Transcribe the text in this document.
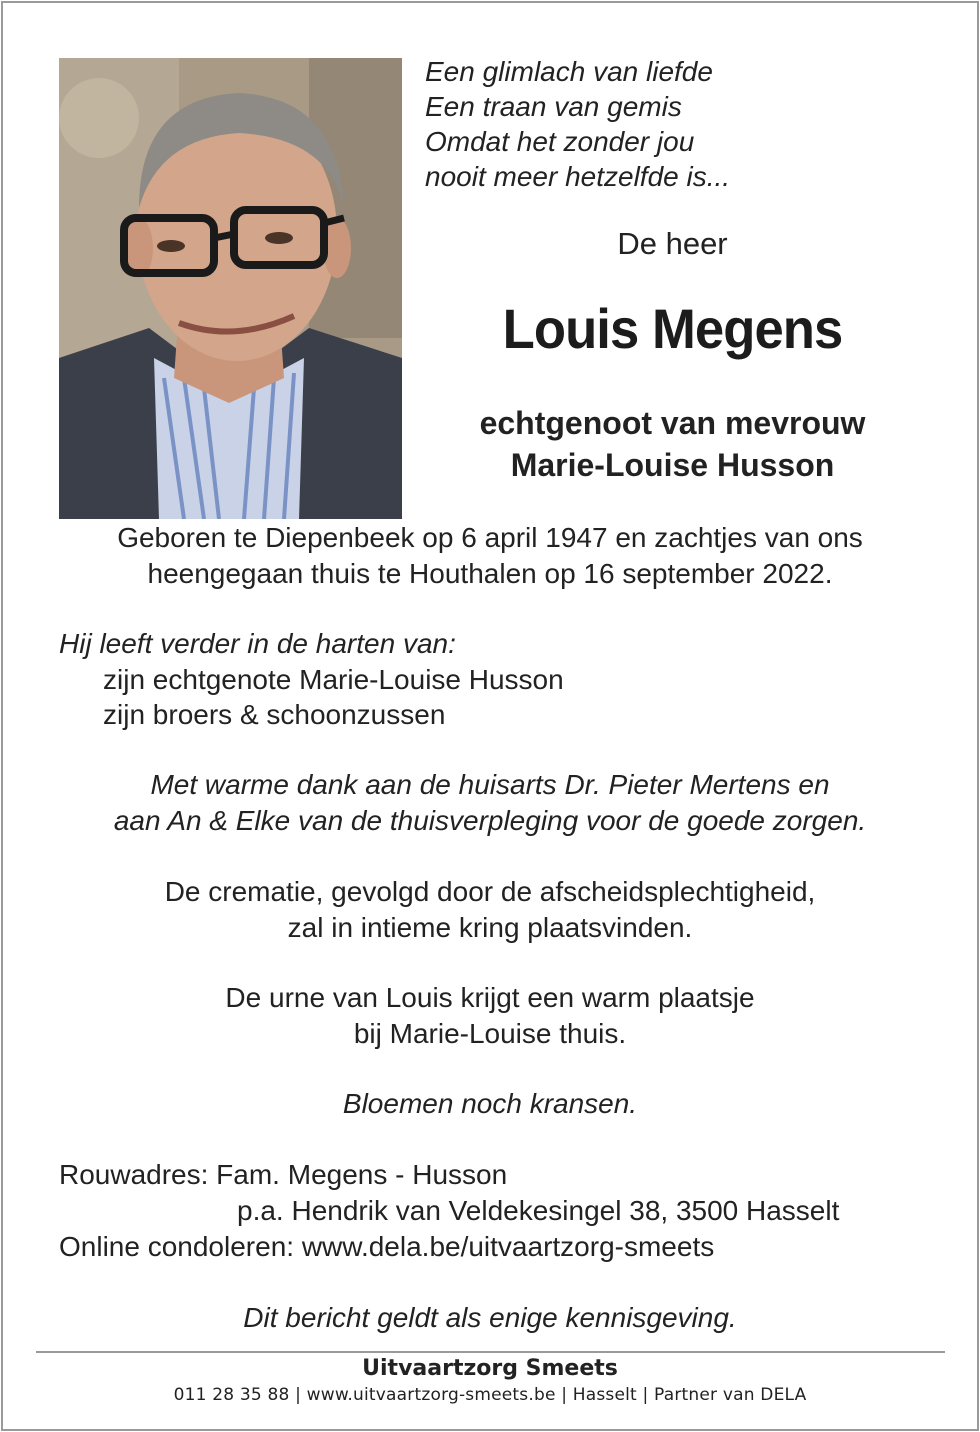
Een glimlach van liefde
Een traan van gemis
Omdat het zonder jou
nooit meer hetzelfde is...
De heer
Louis Megens
echtgenoot van mevrouw
Marie-Louise Husson
Geboren te Diepenbeek op 6 april 1947 en zachtjes van ons
heengegaan thuis te Houthalen op 16 september 2022.
Hij leeft verder in de harten van:
zijn echtgenote Marie-Louise Husson
zijn broers & schoonzussen
Met warme dank aan de huisarts Dr. Pieter Mertens en
aan An & Elke van de thuisverpleging voor de goede zorgen.
De crematie, gevolgd door de afscheidsplechtigheid,
zal in intieme kring plaatsvinden.
De urne van Louis krijgt een warm plaatsje
bij Marie-Louise thuis.
Bloemen noch kransen.
Rouwadres: Fam. Megens - Husson
p.a. Hendrik van Veldekesingel 38, 3500 Hasselt
Online condoleren: www.dela.be/uitvaartzorg-smeets
Dit bericht geldt als enige kennisgeving.
Uitvaartzorg Smeets
011 28 35 88 | www.uitvaartzorg-smeets.be | Hasselt | Partner van DELA
